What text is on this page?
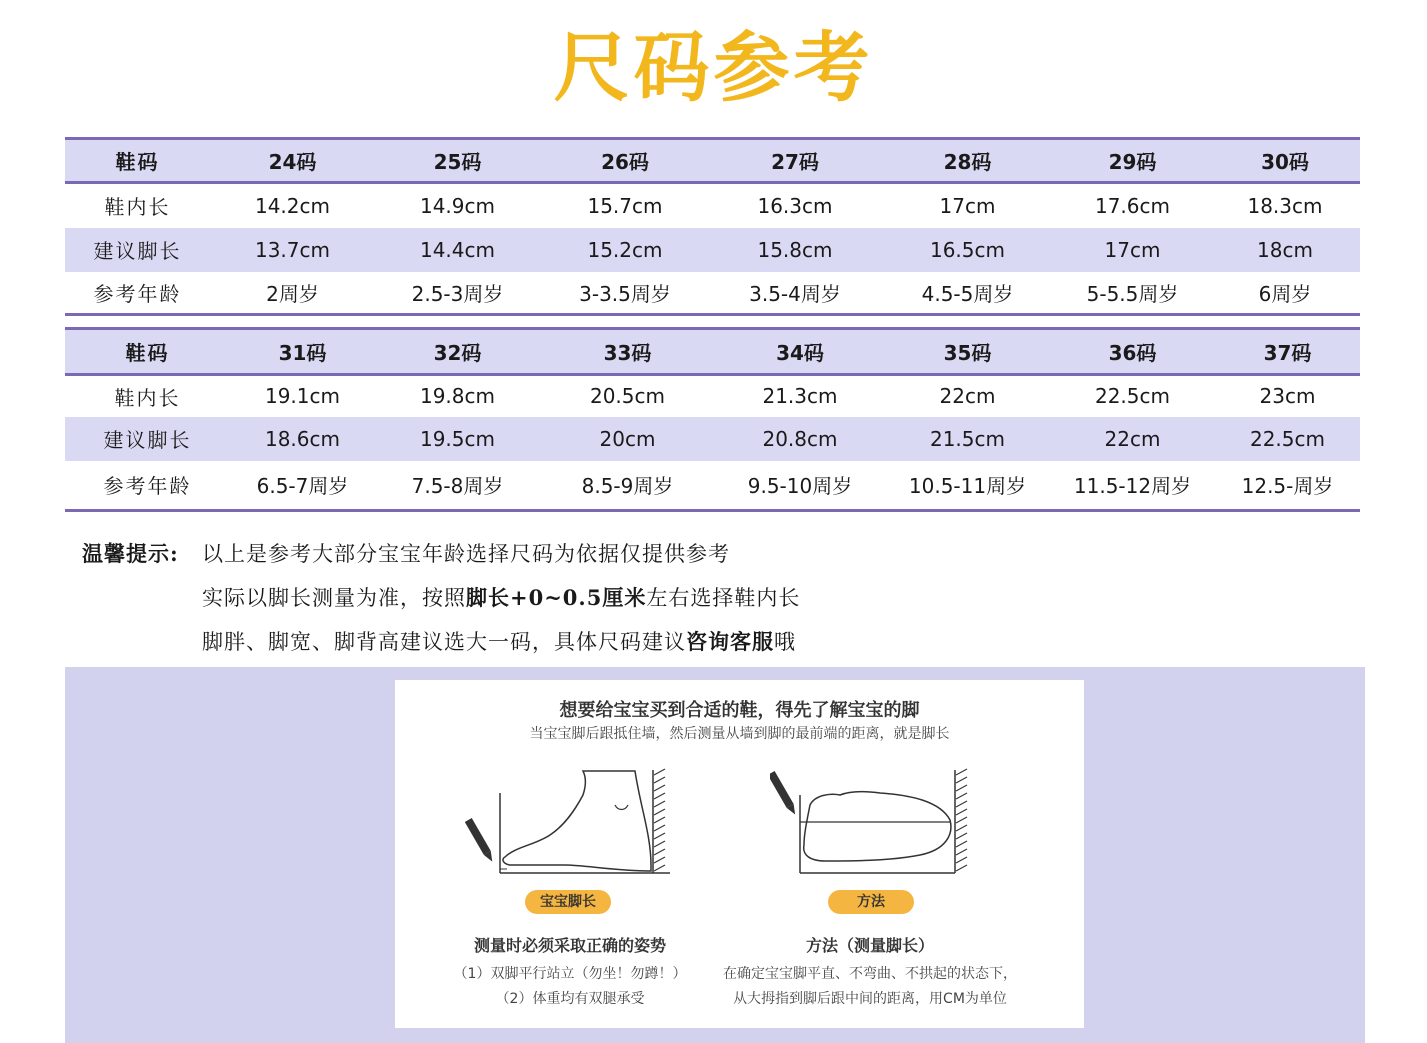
尺码参考
鞋码	24码	25码	26码	27码	28码	29码	30码
鞋内长	14.2cm	14.9cm	15.7cm	16.3cm	17cm	17.6cm	18.3cm
建议脚长	13.7cm	14.4cm	15.2cm	15.8cm	16.5cm	17cm	18cm
参考年龄	2周岁	2.5-3周岁	3-3.5周岁	3.5-4周岁	4.5-5周岁	5-5.5周岁	6周岁
鞋码	31码	32码	33码	34码	35码	36码	37码
鞋内长	19.1cm	19.8cm	20.5cm	21.3cm	22cm	22.5cm	23cm
建议脚长	18.6cm	19.5cm	20cm	20.8cm	21.5cm	22cm	22.5cm
参考年龄	6.5-7周岁	7.5-8周岁	8.5-9周岁	9.5-10周岁	10.5-11周岁	11.5-12周岁	12.5-周岁
温馨提示: 以上是参考大部分宝宝年龄选择尺码为依据仅提供参考
实际以脚长测量为准，按照脚长+0~0.5厘米左右选择鞋内长
脚胖、脚宽、脚背高建议选大一码，具体尺码建议咨询客服哦
想要给宝宝买到合适的鞋，得先了解宝宝的脚
当宝宝脚后跟抵住墙，然后测量从墙到脚的最前端的距离，就是脚长
宝宝脚长	方法
测量时必须采取正确的姿势	方法（测量脚长）
（1）双脚平行站立（勿坐！勿蹲！）
（2）体重均有双腿承受
在确定宝宝脚平直、不弯曲、不拱起的状态下，
从大拇指到脚后跟中间的距离，用CM为单位
